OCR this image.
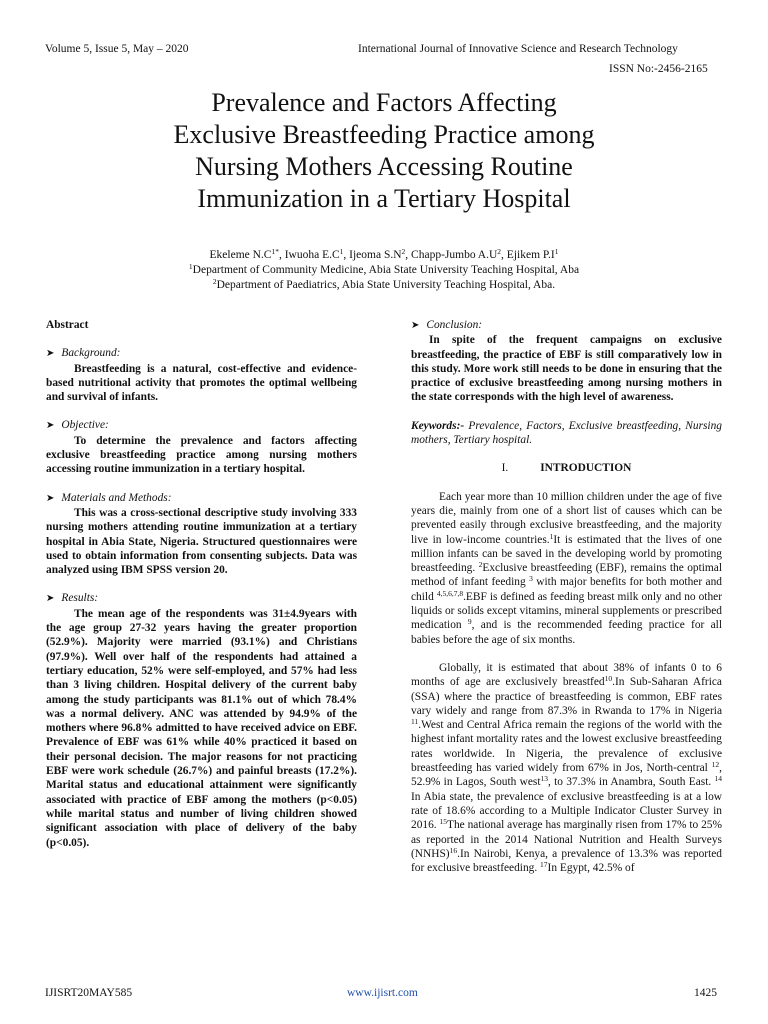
Volume 5, Issue 5, May – 2020	International Journal of Innovative Science and Research Technology
ISSN No:-2456-2165
Prevalence and Factors Affecting
Exclusive Breastfeeding Practice among
Nursing Mothers Accessing Routine
Immunization in a Tertiary Hospital
Ekeleme $N.C^{1*}$, Iwuoha $E.C^1$, Ijeoma $S.N^2$, Chapp-Jumbo $A.U^2$, Ejikem $P.I^1$
$^1$Department of Community Medicine, Abia State University Teaching Hospital, Aba
$^2$Department of Paediatrics, Abia State University Teaching Hospital, Aba.

Abstract

➤ Background:

Breastfeeding is a natural, cost-effective and evidence-based nutritional activity that promotes the optimal wellbeing and survival of infants.

➤ Objective:

To determine the prevalence and factors affecting exclusive breastfeeding practice among nursing mothers accessing routine immunization in a tertiary hospital.

➤ Materials and Methods:

This was a cross-sectional descriptive study involving 333 nursing mothers attending routine immunization at a tertiary hospital in Abia State, Nigeria. Structured questionnaires were used to obtain information from consenting subjects. Data was analyzed using IBM SPSS version 20.

➤ Results:

The mean age of the respondents was 31±4.9years with the age group 27-32 years having the greater proportion (52.9%). Majority were married (93.1%) and Christians (97.9%). Well over half of the respondents had attained a tertiary education, 52% were self-employed, and 57% had less than 3 living children. Hospital delivery of the current baby among the study participants was 81.1% out of which 78.4% was a normal delivery. ANC was attended by 94.9% of the mothers where 96.8% admitted to have received advice on EBF. Prevalence of EBF was 61% while 40% practiced it based on their personal decision. The major reasons for not practicing EBF were work schedule (26.7%) and painful breasts (17.2%). Marital status and educational attainment were significantly associated with practice of EBF among the mothers (p<0.05) while marital status and number of living children showed significant association with place of delivery of the baby (p<0.05).

➤ Conclusion:

In spite of the frequent campaigns on exclusive breastfeeding, the practice of EBF is still comparatively low in this study. More work still needs to be done in ensuring that the practice of exclusive breastfeeding among nursing mothers in the state corresponds with the high level of awareness.

Keywords:- Prevalence, Factors, Exclusive breastfeeding, Nursing mothers, Tertiary hospital.

I.	INTRODUCTION

Each year more than 10 million children under the age of five years die, mainly from one of a short list of causes which can be prevented easily through exclusive breastfeeding, and the majority live in low-income countries.$^1$It is estimated that the lives of one million infants can be saved in the developing world by promoting breastfeeding. $^2$Exclusive breastfeeding (EBF), remains the optimal method of infant feeding $^3$ with major benefits for both mother and child $^{4,5,6,7,8}$.EBF is defined as feeding breast milk only and no other liquids or solids except vitamins, mineral supplements or prescribed medication $^9$, and is the recommended feeding practice for all babies before the age of six months.

Globally, it is estimated that about 38% of infants 0 to 6 months of age are exclusively breastfed$^{10}$.In Sub-Saharan Africa (SSA) where the practice of breastfeeding is common, EBF rates vary widely and range from 87.3% in Rwanda to 17% in Nigeria $^{11}$.West and Central Africa remain the regions of the world with the highest infant mortality rates and the lowest exclusive breastfeeding rates worldwide. In Nigeria, the prevalence of exclusive breastfeeding has varied widely from 67% in Jos, North-central $^{12}$, 52.9% in Lagos, South west$^{13}$, to 37.3% in Anambra, South East. $^{14}$ In Abia state, the prevalence of exclusive breastfeeding is at a low rate of 18.6% according to a Multiple Indicator Cluster Survey in 2016. $^{15}$The national average has marginally risen from 17% to 25% as reported in the 2014 National Nutrition and Health Surveys (NNHS)$^{16}$.In Nairobi, Kenya, a prevalence of 13.3% was reported for exclusive breastfeeding. $^{17}$In Egypt, 42.5% of

IJISRT20MAY585	www.ijisrt.com	1425
